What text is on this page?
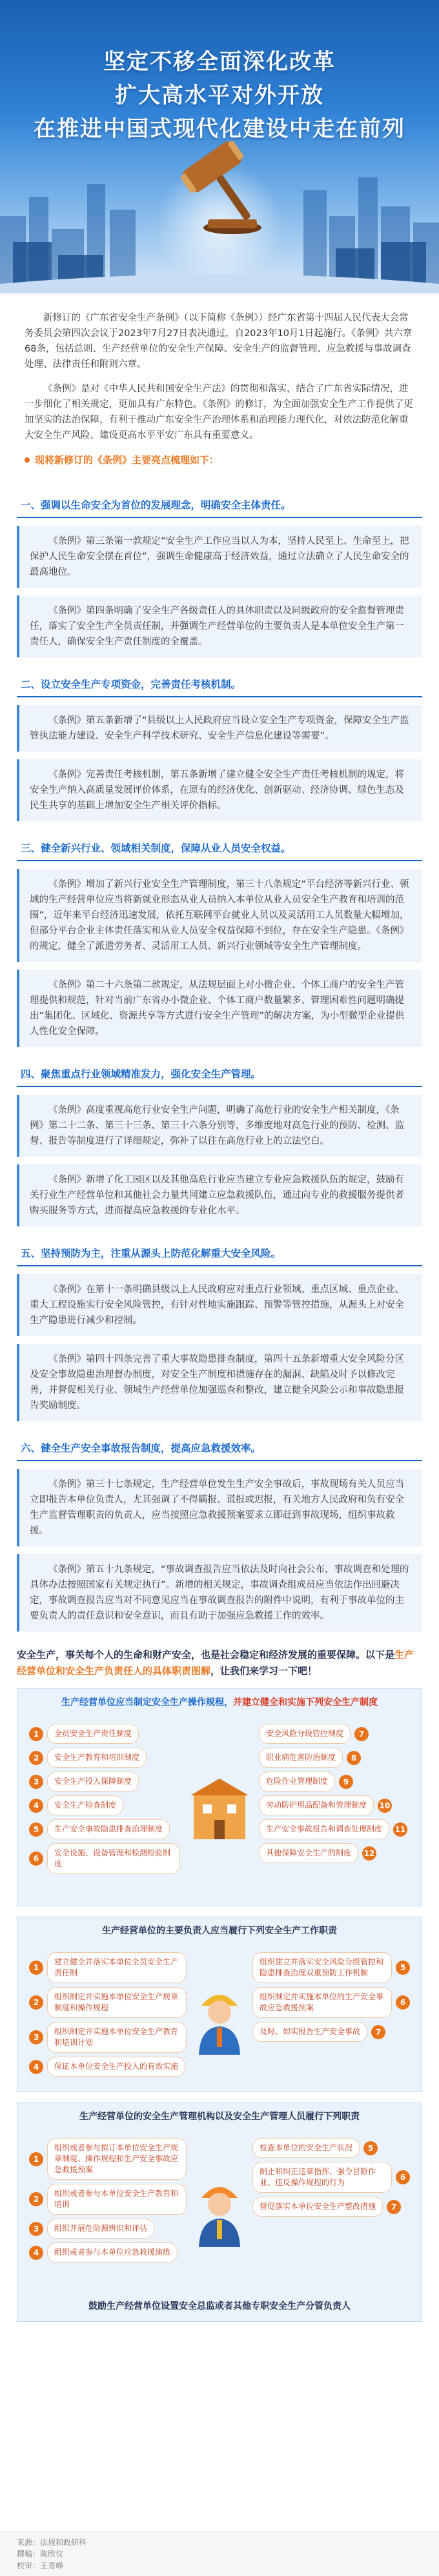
坚定不移全面深化改革
扩大高水平对外开放
在推进中国式现代化建设中走在前列

新修订的《广东省安全生产条例》（以下简称《条例》）经广东省第十四届人民代表大会常务委员会第四次会议于2023年7月27日表决通过，自2023年10月1日起施行。《条例》共六章68条，包括总则、生产经营单位的安全生产保障、安全生产的监督管理、应急救援与事故调查处理、法律责任和附则六章。

《条例》是对《中华人民共和国安全生产法》的贯彻和落实，结合了广东省实际情况，进一步细化了相关规定，更加具有广东特色。《条例》的修订，为全面加强安全生产工作提供了更加坚实的法治保障，有利于推动广东安全生产治理体系和治理能力现代化，对依法防范化解重大安全生产风险、建设更高水平平安广东具有重要意义。

现将新修订的《条例》主要亮点梳理如下：
一、强调以生命安全为首位的发展理念，明确安全主体责任。
《条例》第三条第一款规定“安全生产工作应当以人为本，坚持人民至上、生命至上，把保护人民生命安全摆在首位”，强调生命健康高于经济效益，通过立法确立了人民生命安全的最高地位。
《条例》第四条明确了安全生产各级责任人的具体职责以及同级政府的安全监督管理责任，落实了安全生产全员责任制，并强调生产经营单位的主要负责人是本单位安全生产第一责任人，确保安全生产责任制度的全覆盖。
二、设立安全生产专项资金，完善责任考核机制。
《条例》第五条新增了“县级以上人民政府应当设立安全生产专项资金，保障安全生产监管执法能力建设、安全生产科学技术研究、安全生产信息化建设等需要”。
《条例》完善责任考核机制，第五条新增了建立健全安全生产责任考核机制的规定，将安全生产纳入高质量发展评价体系，在原有的经济优化、创新驱动、经济协调、绿色生态及民生共享的基础上增加安全生产相关评价指标。
三、健全新兴行业、领域相关制度，保障从业人员安全权益。
《条例》增加了新兴行业安全生产管理制度，第三十八条规定“平台经济等新兴行业、领域的生产经营单位应当将新就业形态从业人员纳入本单位从业人员安全生产教育和培训的范围”，近年来平台经济迅速发展，依托互联网平台就业人员以及灵活用工人员数量大幅增加，但部分平台企业主体责任落实和从业人员安全权益保障不到位，存在安全生产隐患。《条例》的规定，健全了派遣劳务者、灵活用工人员、新兴行业领域等安全生产管理制度。
《条例》第二十六条第二款规定，从法规层面上对小微企业、个体工商户的安全生产管理提供和规范，针对当前广东省办小微企业、个体工商户数量繁多、管理困难性问题明确提出“集团化、区域化、资源共享等方式进行安全生产管理”的解决方案，为小型微型企业提供人性化安全保障。
四、聚焦重点行业领域精准发力，强化安全生产管理。
《条例》高度重视高危行业安全生产问题，明确了高危行业的安全生产相关制度，《条例》第二十二条、第三十三条、第三十六条分别等，多维度地对高危行业的预防、检测、监督、报告等制度进行了详细规定，弥补了以往在高危行业上的立法空白。
《条例》新增了化工园区以及其他高危行业应当建立专业应急救援队伍的规定，鼓励有关行业生产经营单位和其他社会力量共同建立应急救援队伍，通过向专业的救援服务提供者购买服务等方式，进而提高应急救援的专业化水平。
五、坚持预防为主，注重从源头上防范化解重大安全风险。
《条例》在第十一条明确县级以上人民政府应对重点行业领域、重点区域、重点企业、重大工程设施实行安全风险管控，有针对性地实施跟踪、预警等管控措施，从源头上对安全生产隐患进行减少和控制。
《条例》第四十四条完善了重大事故隐患排查制度，第四十五条新增重大安全风险分区及安全事故隐患治理督办制度，对安全生产制度和措施存在的漏洞、缺陷及时予以修改完善，并督促相关行业、领域生产经营单位加强巡查和整改，建立健全风险公示和事故隐患报告奖励制度。
六、健全生产安全事故报告制度，提高应急救援效率。
《条例》第三十七条规定，生产经营单位发生生产安全事故后，事故现场有关人员应当立即报告本单位负责人，尤其强调了不得瞒报、谎报或迟报，有关地方人民政府和负有安全生产监督管理职责的负责人，应当按照应急救援预案要求立即赶到事故现场，组织事故救援。
《条例》第五十九条规定，“事故调查报告应当依法及时向社会公布，事故调查和处理的具体办法按照国家有关规定执行”。新增的相关规定，事故调查组成员应当依法作出回避决定，事故调查报告应当对不同意见应当在事故调查报告的附件中说明，有利于事故单位的主要负责人的责任意识和安全意识，而且有助于加强应急救援工作的效率。
安全生产，事关每个人的生命和财产安全，也是社会稳定和经济发展的重要保障。以下是生产经营单位和安全生产负责任人的具体职责图解，让我们来学习一下吧！
生产经营单位应当制定安全生产操作规程，并建立健全和实施下列安全生产制度
1	全员安全生产责任制度
2	安全生产教育和培训制度
3	安全生产投入保障制度
4	安全生产检查制度
5	生产安全事故隐患排查治理制度
6
安全设施、设备管理和检测检验制度
安全风险分级管控制度	7
职业病危害防治制度	8
危险作业管理制度	9
劳动防护用品配备和管理制度	10
生产安全事故报告和调查处理制度	11
其他保障安全生产的制度	12
生产经营单位的主要负责人应当履行下列安全生产工作职责
1
建立健全并落实本单位全员安全生产责任制
2
组织制定并实施本单位安全生产规章制度和操作规程
3
组织制定并实施本单位安全生产教育和培训计划
4	保证本单位安全生产投入的有效实施
组织建立并落实安全风险分级管控和隐患排查治理双重预防工作机制
5
组织制定并实施本单位的生产安全事故应急救援预案
6
及时、如实报告生产安全事故	7
生产经营单位的安全生产管理机构以及安全生产管理人员履行下列职责
1
组织或者参与拟订本单位安全生产规章制度、操作规程和生产安全事故应急救援预案
2
组织或者参与本单位安全生产教育和培训
3	组织开展危险源辨识和评估
4	组织或者参与本单位应急救援演练
检查本单位的安全生产状况	5
制止和纠正违章指挥、强令冒险作业、违反操作规程的行为
6
督促落实本单位安全生产整改措施	7
鼓励生产经营单位设置安全总监或者其他专职安全生产分管负责人
来源：法规和政研科
撰稿：陈欣仪
校审：王青峰
